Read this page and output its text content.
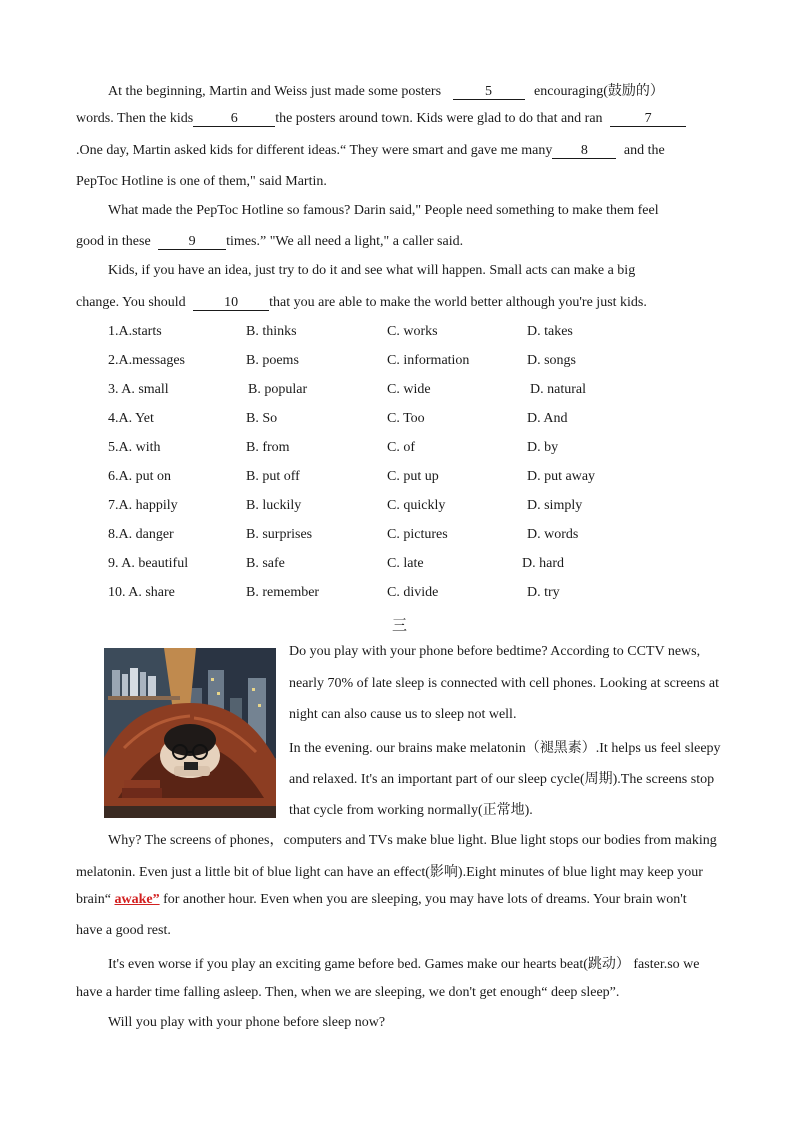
At the beginning, Martin and Weiss just made some posters	5	encouraging(鼓励的）
words. Then the kids	6	the posters around town. Kids were glad to do that and ran	7
.One day, Martin asked kids for different ideas.“ They were smart and gave me many 8	and the
PepToc Hotline is one of them," said Martin.
What made the PepToc Hotline so famous? Darin said," People need something to make them feel
good in these	9 times.” "We all need a light," a caller said.
Kids, if you have an idea, just try to do it and see what will happen. Small acts can make a big
change. You should	10 that you are able to make the world better although you're just kids.
1.A.starts	B. thinks	C. works	D. takes
2.A.messages	B. poems	C. information	D. songs
3. A. small	B. popular	C. wide	D. natural
4.A. Yet	B. So	C. Too	D. And
5.A. with	B. from	C. of	D. by
6.A. put on	B. put off	C. put up	D. put away
7.A. happily	B. luckily	C. quickly	D. simply
8.A. danger	B. surprises	C. pictures	D. words
9. A. beautiful	B. safe	C. late	D. hard
10. A. share	B. remember	C. divide	D. try
三
Do you play with your phone before bedtime? According to CCTV news,
nearly 70% of late sleep is connected with cell phones. Looking at screens at
night can also cause us to sleep not well.
In the evening. our brains make melatonin（褪黑素）.It helps us feel sleepy
and relaxed. It's an important part of our sleep cycle(周期).The screens stop
that cycle from working normally(正常地).
Why? The screens of phones，computers and TVs make blue light. Blue light stops our bodies from making
melatonin. Even just a little bit of blue light can have an effect(影响).Eight minutes of blue light may keep your
brain“ awake” for another hour. Even when you are sleeping, you may have lots of dreams. Your brain won't
have a good rest.
It's even worse if you play an exciting game before bed. Games make our hearts beat(跳动） faster.so we
have a harder time falling asleep. Then, when we are sleeping, we don't get enough“ deep sleep”.
Will you play with your phone before sleep now?
